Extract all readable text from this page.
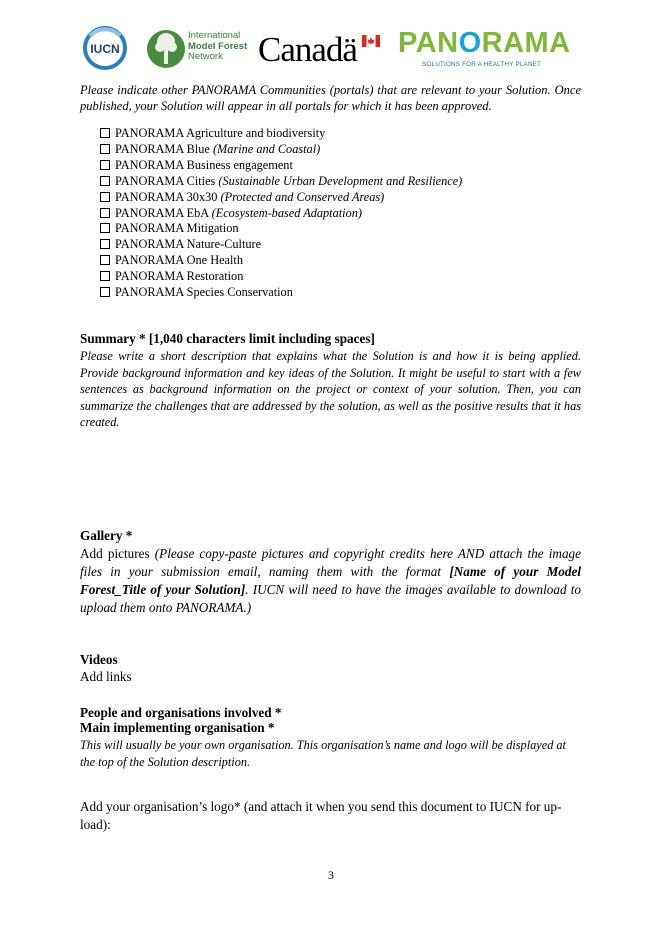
IUCN
International
Model Forest
Network	Canadä PANORAMA
SOLUTIONS FOR A HEALTHY PLANET

Please indicate other PANORAMA Communities (portals) that are relevant to your Solution. Once published, your Solution will appear in all portals for which it has been approved.

PANORAMA Agriculture and biodiversity
PANORAMA Blue (Marine and Coastal)
PANORAMA Business engagement
PANORAMA Cities (Sustainable Urban Development and Resilience)
PANORAMA 30x30 (Protected and Conserved Areas)
PANORAMA EbA (Ecosystem-based Adaptation)
PANORAMA Mitigation
PANORAMA Nature-Culture
PANORAMA One Health
PANORAMA Restoration
PANORAMA Species Conservation
Summary * [1,040 characters limit including spaces]

Please write a short description that explains what the Solution is and how it is being applied. Provide background information and key ideas of the Solution. It might be useful to start with a few sentences as background information on the project or context of your solution. Then, you can summarize the challenges that are addressed by the solution, as well as the positive results that it has created.

Gallery *

Add pictures (Please copy-paste pictures and copyright credits here AND attach the image files in your submission email, naming them with the format [Name of your Model Forest_Title of your Solution]. IUCN will need to have the images available to download to upload them onto PANORAMA.)

Videos
Add links
People and organisations involved *
Main implementing organisation *

This will usually be your own organisation. This organisation’s name and logo will be displayed at the top of the Solution description.

Add your organisation’s logo* (and attach it when you send this document to IUCN for up-load):

3
